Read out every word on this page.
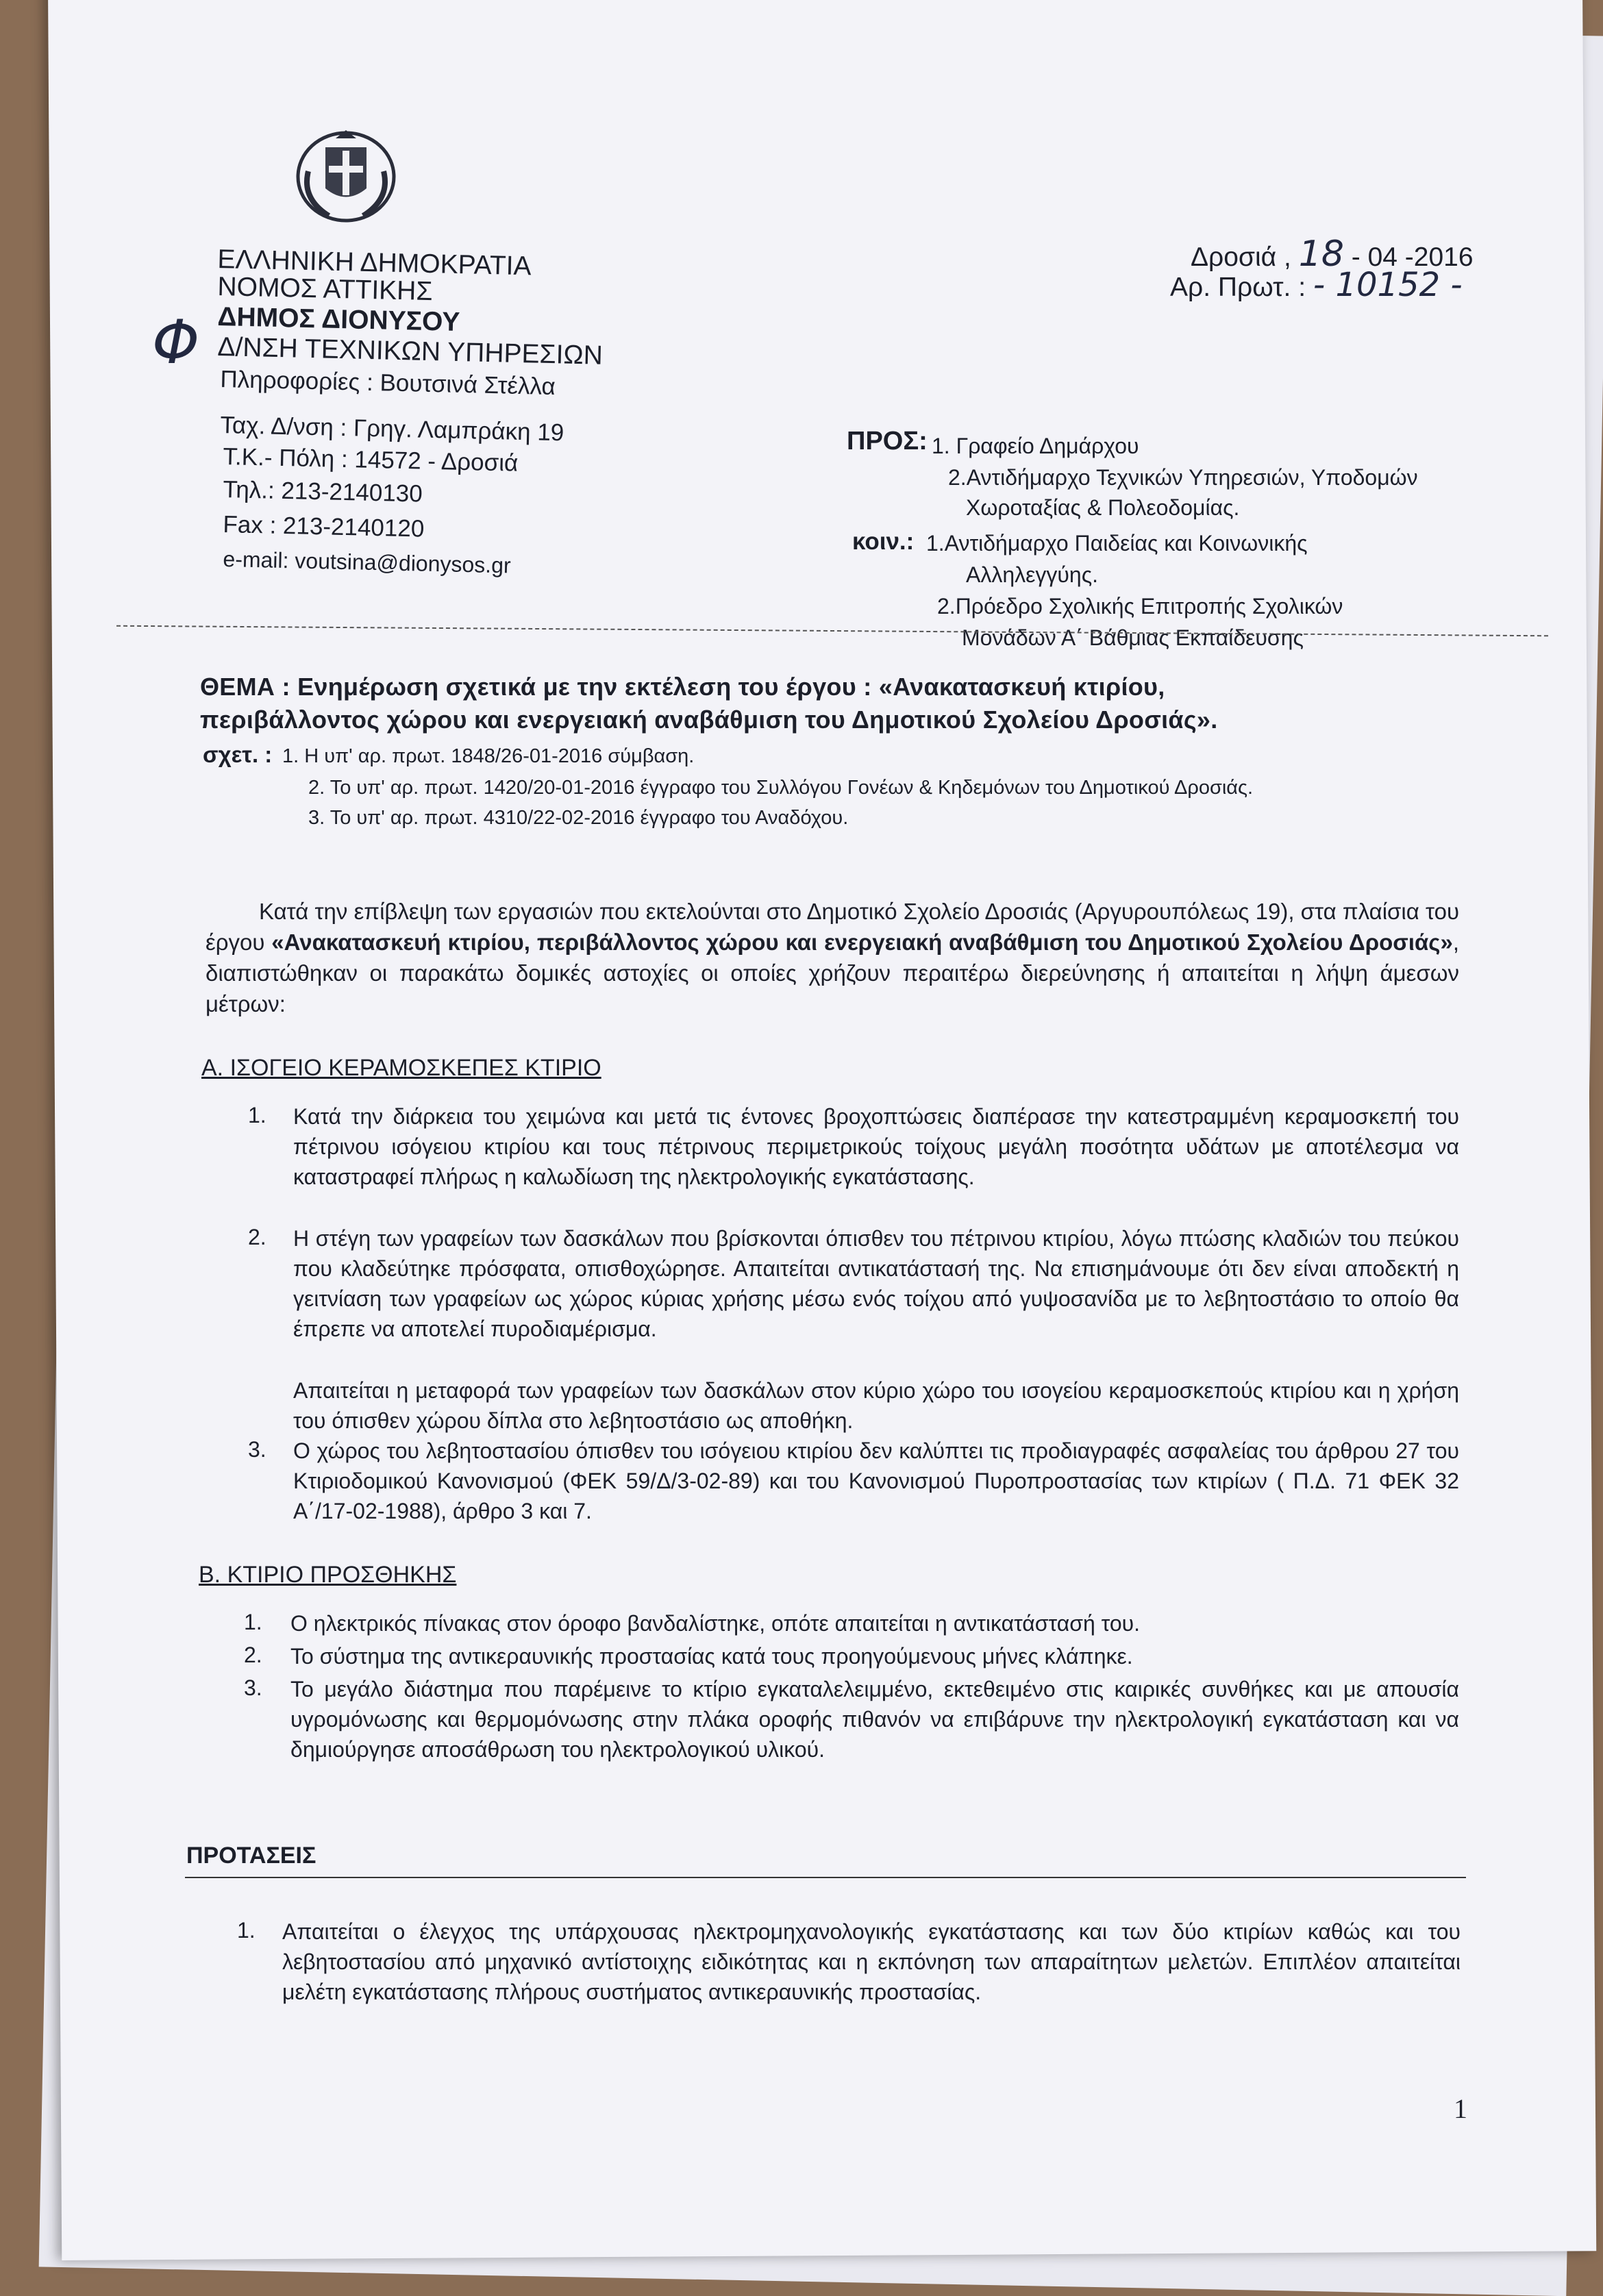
ΕΛΛΗΝΙΚΗ ΔΗΜΟΚΡΑΤΙΑ
ΝΟΜΟΣ ΑΤΤΙΚΗΣ
ΔΗΜΟΣ ΔΙΟΝΥΣΟΥ
Δ/ΝΣΗ ΤΕΧΝΙΚΩΝ ΥΠΗΡΕΣΙΩΝ
Πληροφορίες : Βουτσινά Στέλλα
Ταχ. Δ/νση : Γρηγ. Λαμπράκη 19
Τ.Κ.- Πόλη : 14572 - Δροσιά
Τηλ.: 213-2140130
Fax : 213-2140120
e-mail: voutsina@dionysos.gr
Φ
Δροσιά , 18 - 04 -2016
Αρ. Πρωτ. : - 10152 -
ΠΡΟΣ: 1. Γραφείο Δημάρχου
2.Αντιδήμαρχο Τεχνικών Υπηρεσιών, Υποδομών
Χωροταξίας & Πολεοδομίας.
κοιν.: 1.Αντιδήμαρχο Παιδείας και Κοινωνικής
Αλληλεγγύης.
2.Πρόεδρο Σχολικής Επιτροπής Σχολικών
Μονάδων Α΄ Βάθμιας Εκπαίδευσης
ΘΕΜΑ : Ενημέρωση σχετικά με την εκτέλεση του έργου : «Ανακατασκευή κτιρίου,
περιβάλλοντος χώρου και ενεργειακή αναβάθμιση του Δημοτικού Σχολείου Δροσιάς».
σχετ. : 1. Η υπ' αρ. πρωτ. 1848/26-01-2016 σύμβαση.
2. Το υπ' αρ. πρωτ. 1420/20-01-2016 έγγραφο του Συλλόγου Γονέων & Κηδεμόνων του Δημοτικού Δροσιάς.
3. Το υπ' αρ. πρωτ. 4310/22-02-2016 έγγραφο του Αναδόχου.
Κατά την επίβλεψη των εργασιών που εκτελούνται στο Δημοτικό Σχολείο Δροσιάς (Αργυρουπόλεως 19), στα πλαίσια του έργου «Ανακατασκευή κτιρίου, περιβάλλοντος χώρου και ενεργειακή αναβάθμιση του Δημοτικού Σχολείου Δροσιάς», διαπιστώθηκαν οι παρακάτω δομικές αστοχίες οι οποίες χρήζουν περαιτέρω διερεύνησης ή απαιτείται η λήψη άμεσων μέτρων:
Α. ΙΣΟΓΕΙΟ ΚΕΡΑΜΟΣΚΕΠΕΣ ΚΤΙΡΙΟ
1. Κατά την διάρκεια του χειμώνα και μετά τις έντονες βροχοπτώσεις διαπέρασε την κατεστραμμένη κεραμοσκεπή του πέτρινου ισόγειου κτιρίου και τους πέτρινους περιμετρικούς τοίχους μεγάλη ποσότητα υδάτων με αποτέλεσμα να καταστραφεί πλήρως η καλωδίωση της ηλεκτρολογικής εγκατάστασης.
2. Η στέγη των γραφείων των δασκάλων που βρίσκονται όπισθεν του πέτρινου κτιρίου, λόγω πτώσης κλαδιών του πεύκου που κλαδεύτηκε πρόσφατα, οπισθοχώρησε. Απαιτείται αντικατάστασή της. Να επισημάνουμε ότι δεν είναι αποδεκτή η γειτνίαση των γραφείων ως χώρος κύριας χρήσης μέσω ενός τοίχου από γυψοσανίδα με το λεβητοστάσιο το οποίο θα έπρεπε να αποτελεί πυροδιαμέρισμα.
Απαιτείται η μεταφορά των γραφείων των δασκάλων στον κύριο χώρο του ισογείου κεραμοσκεπούς κτιρίου και η χρήση του όπισθεν χώρου δίπλα στο λεβητοστάσιο ως αποθήκη.
3. Ο χώρος του λεβητοστασίου όπισθεν του ισόγειου κτιρίου δεν καλύπτει τις προδιαγραφές ασφαλείας του άρθρου 27 του Κτιριοδομικού Κανονισμού (ΦΕΚ 59/Δ/3-02-89) και του Κανονισμού Πυροπροστασίας των κτιρίων ( Π.Δ. 71 ΦΕΚ 32 Α΄/17-02-1988), άρθρο 3 και 7.
Β. ΚΤΙΡΙΟ ΠΡΟΣΘΗΚΗΣ
1. Ο ηλεκτρικός πίνακας στον όροφο βανδαλίστηκε, οπότε απαιτείται η αντικατάστασή του.
2. Το σύστημα της αντικεραυνικής προστασίας κατά τους προηγούμενους μήνες κλάπηκε.
3. Το μεγάλο διάστημα που παρέμεινε το κτίριο εγκαταλελειμμένο, εκτεθειμένο στις καιρικές συνθήκες και με απουσία υγρομόνωσης και θερμομόνωσης στην πλάκα οροφής πιθανόν να επιβάρυνε την ηλεκτρολογική εγκατάσταση και να δημιούργησε αποσάθρωση του ηλεκτρολογικού υλικού.
ΠΡΟΤΑΣΕΙΣ
1. Απαιτείται ο έλεγχος της υπάρχουσας ηλεκτρομηχανολογικής εγκατάστασης και των δύο κτιρίων καθώς και του λεβητοστασίου από μηχανικό αντίστοιχης ειδικότητας και η εκπόνηση των απαραίτητων μελετών. Επιπλέον απαιτείται μελέτη εγκατάστασης πλήρους συστήματος αντικεραυνικής προστασίας.
1
